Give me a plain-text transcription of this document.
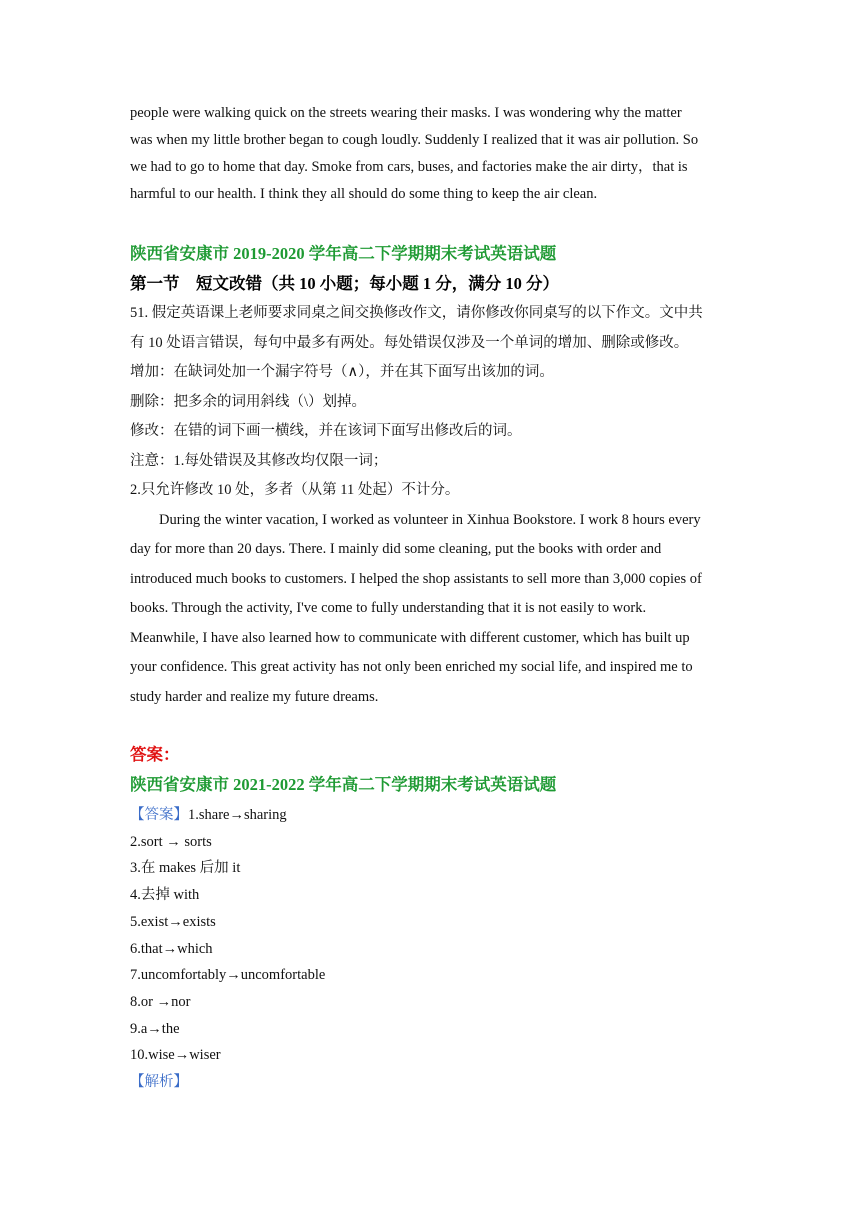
people were walking quick on the streets wearing their masks. I was wondering why the matter

was when my little brother began to cough loudly. Suddenly I realized that it was air pollution. So

we had to go to home that day. Smoke from cars, buses, and factories make the air dirty，that is

harmful to our health. I think they all should do some thing to keep the air clean.

陕西省安康市 2019-2020 学年高二下学期期末考试英语试题

第一节　短文改错（共 10 小题；每小题 1 分，满分 10 分）

51. 假定英语课上老师要求同桌之间交换修改作文，请你修改你同桌写的以下作文。文中共

有 10 处语言错误，每句中最多有两处。每处错误仅涉及一个单词的增加、删除或修改。

增加：在缺词处加一个漏字符号（∧），并在其下面写出该加的词。

删除：把多余的词用斜线（\）划掉。

修改：在错的词下画一横线，并在该词下面写出修改后的词。

注意：1.每处错误及其修改均仅限一词；

2.只允许修改 10 处，多者（从第 11 处起）不计分。

During the winter vacation, I worked as volunteer in Xinhua Bookstore. I work 8 hours every

day for more than 20 days. There. I mainly did some cleaning, put the books with order and

introduced much books to customers. I helped the shop assistants to sell more than 3,000 copies of

books. Through the activity, I've come to fully understanding that it is not easily to work.

Meanwhile, I have also learned how to communicate with different customer, which has built up

your confidence. This great activity has not only been enriched my social life, and inspired me to

study harder and realize my future dreams.

答案：

陕西省安康市 2021-2022 学年高二下学期期末考试英语试题

【答案】1.share→sharing

2.sort → sorts

3.在 makes 后加 it

4.去掉 with

5.exist→exists

6.that→which

7.uncomfortably→uncomfortable

8.or →nor

9.a→the

10.wise→wiser

【解析】
